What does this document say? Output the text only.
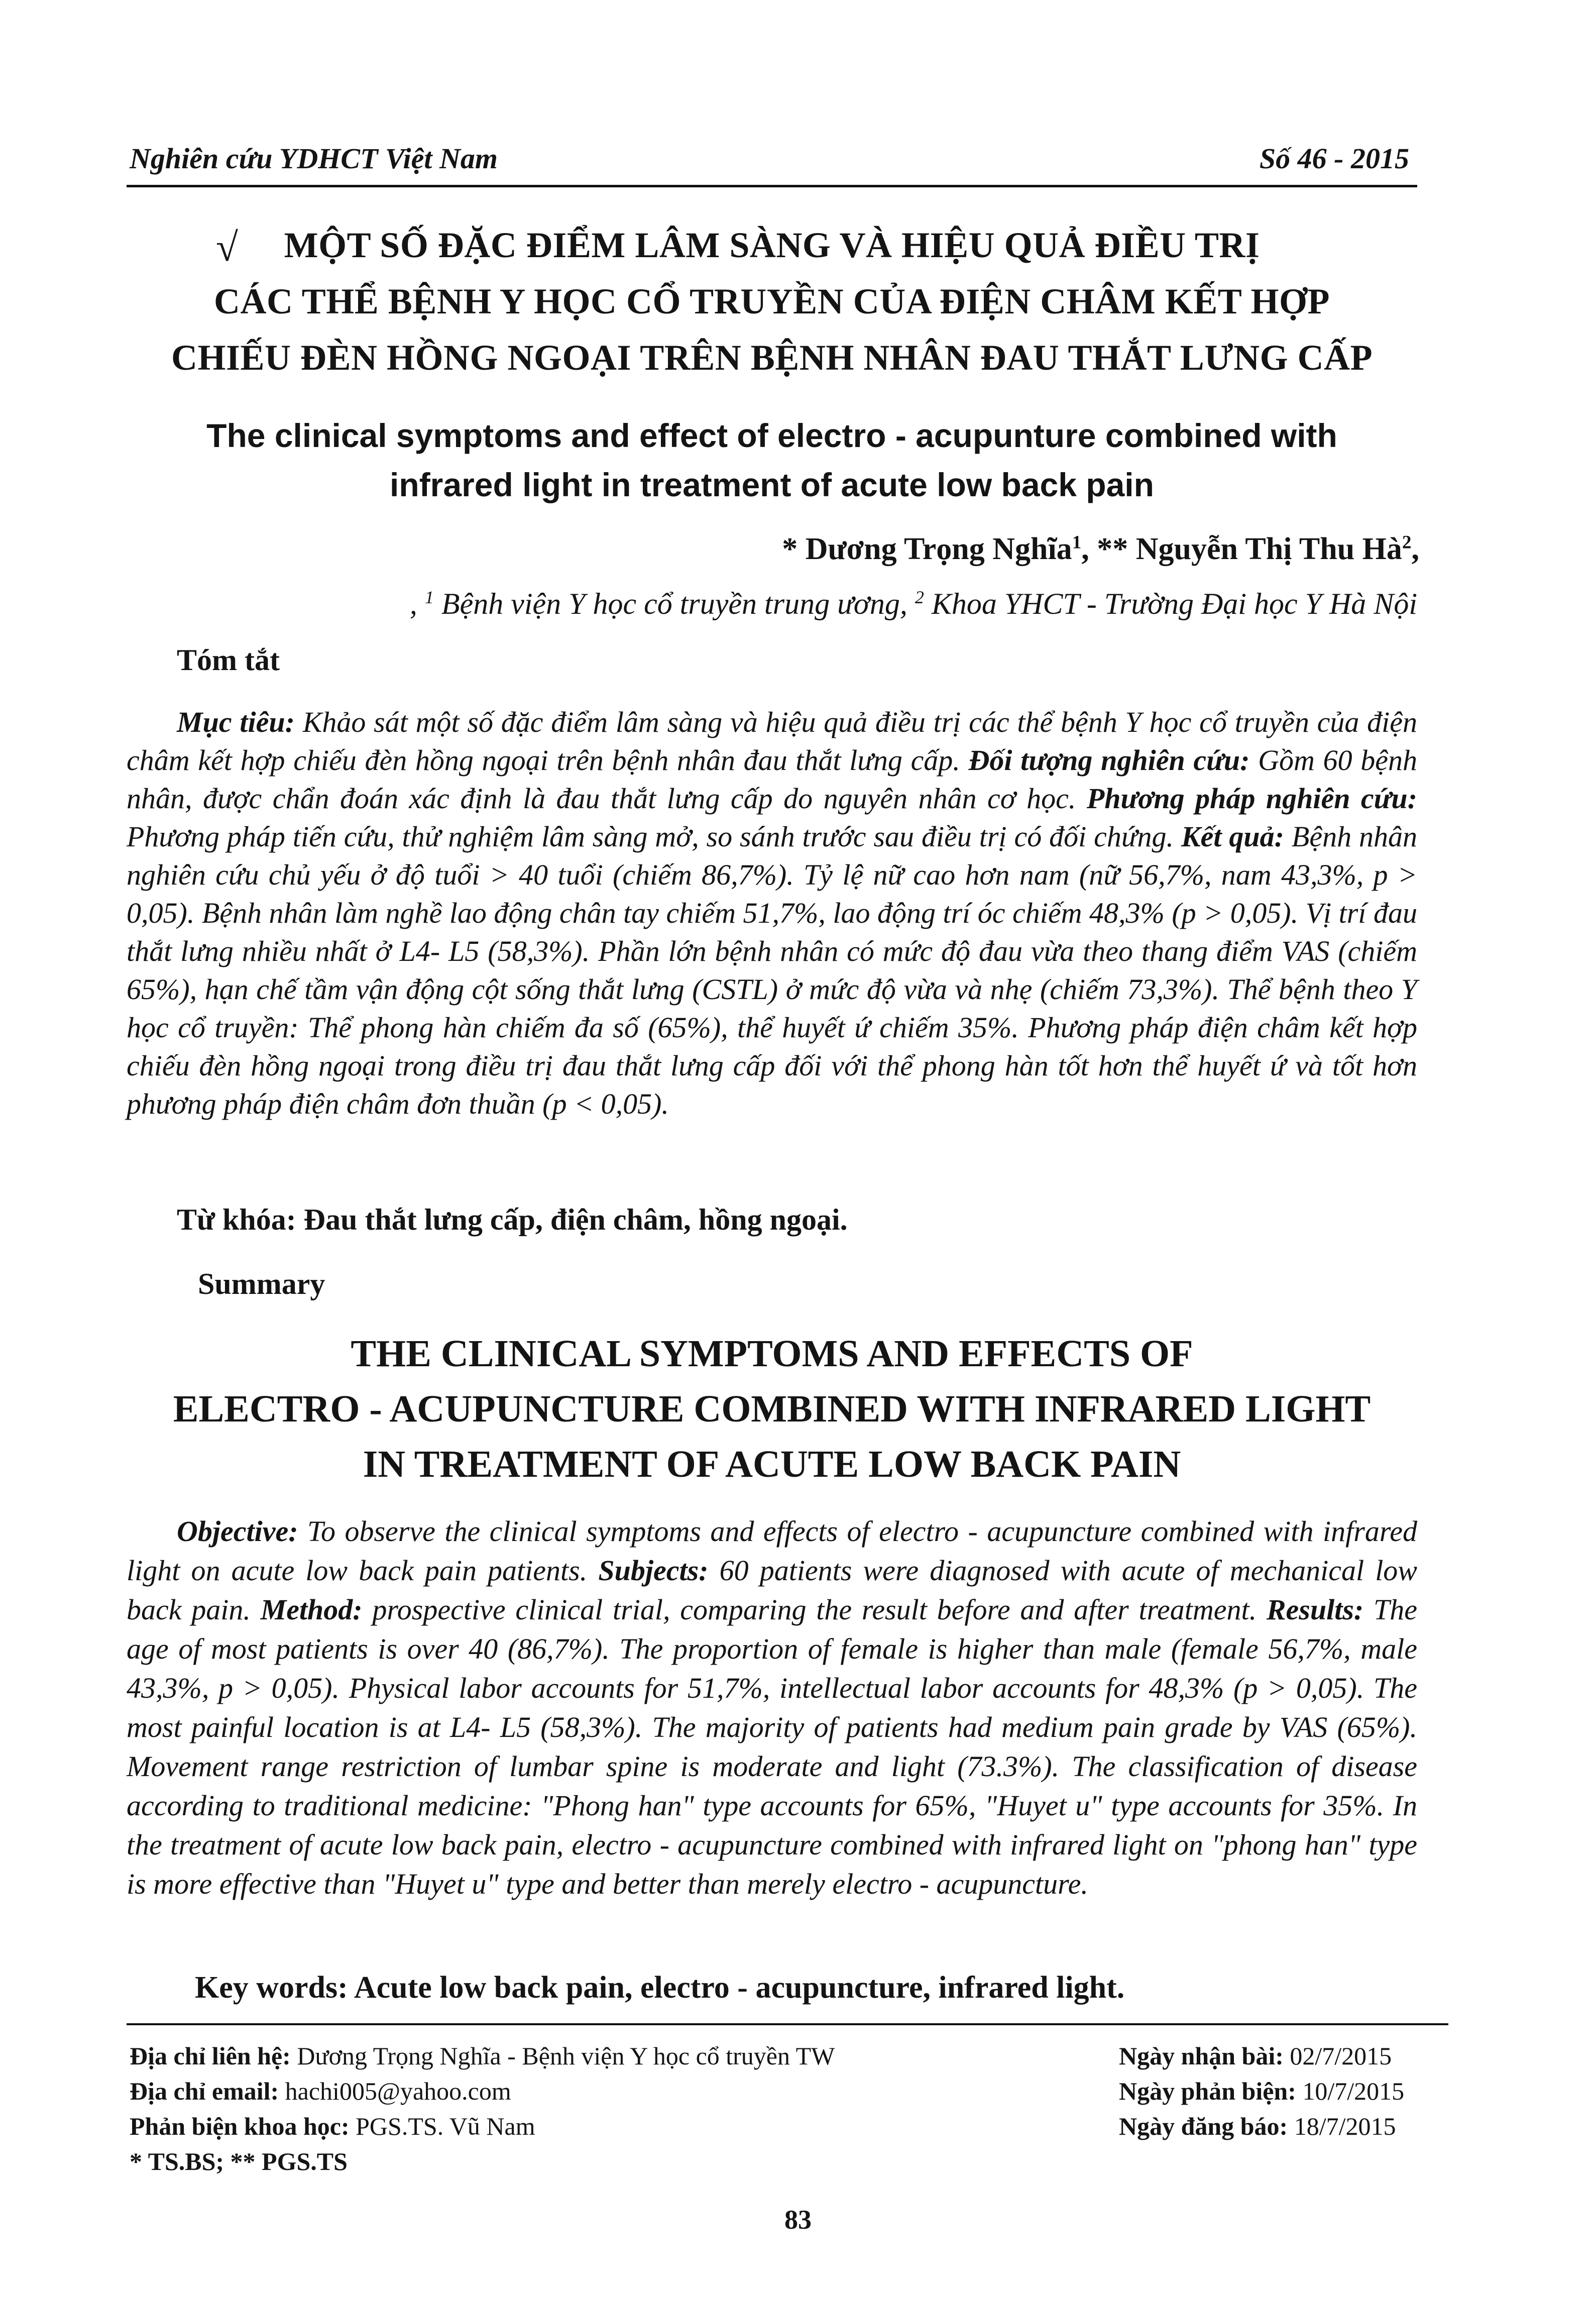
Nghiên cứu YDHCT Việt Nam	Số 46 - 2015
√	MỘT SỐ ĐẶC ĐIỂM LÂM SÀNG VÀ HIỆU QUẢ ĐIỀU TRỊ
CÁC THỂ BỆNH Y HỌC CỔ TRUYỀN CỦA ĐIỆN CHÂM KẾT HỢP
CHIẾU ĐÈN HỒNG NGOẠI TRÊN BỆNH NHÂN ĐAU THẮT LƯNG CẤP
The clinical symptoms and effect of electro - acupunture combined with
infrared light in treatment of acute low back pain
* Dương Trọng Nghĩa$^1$, ** Nguyễn Thị Thu $Hà^2$,
, $^1$ Bệnh viện Y học cổ truyền trung ương, $^2$ Khoa YHCT - Trường Đại học Y Hà Nội
Tóm tắt
Mục tiêu: Khảo sát một số đặc điểm lâm sàng và hiệu quả điều trị các thể bệnh Y học cổ truyền của điện châm kết hợp chiếu đèn hồng ngoại trên bệnh nhân đau thắt lưng cấp. Đối tượng nghiên cứu: Gồm 60 bệnh nhân, được chẩn đoán xác định là đau thắt lưng cấp do nguyên nhân cơ học. Phương pháp nghiên cứu: Phương pháp tiến cứu, thử nghiệm lâm sàng mở, so sánh trước sau điều trị có đối chứng. Kết quả: Bệnh nhân nghiên cứu chủ yếu ở độ tuổi > 40 tuổi (chiếm 86,7%). Tỷ lệ nữ cao hơn nam (nữ 56,7%, nam 43,3%, p > 0,05). Bệnh nhân làm nghề lao động chân tay chiếm 51,7%, lao động trí óc chiếm 48,3% (p > 0,05). Vị trí đau thắt lưng nhiều nhất ở L4- L5 (58,3%). Phần lớn bệnh nhân có mức độ đau vừa theo thang điểm VAS (chiếm 65%), hạn chế tầm vận động cột sống thắt lưng (CSTL) ở mức độ vừa và nhẹ (chiếm 73,3%). Thể bệnh theo Y học cổ truyền: Thể phong hàn chiếm đa số (65%), thể huyết ứ chiếm 35%. Phương pháp điện châm kết hợp chiếu đèn hồng ngoại trong điều trị đau thắt lưng cấp đối với thể phong hàn tốt hơn thể huyết ứ và tốt hơn phương pháp điện châm đơn thuần (p < 0,05).
Từ khóa: Đau thắt lưng cấp, điện châm, hồng ngoại.
Summary
THE CLINICAL SYMPTOMS AND EFFECTS OF
ELECTRO - ACUPUNCTURE COMBINED WITH INFRARED LIGHT
IN TREATMENT OF ACUTE LOW BACK PAIN
Objective: To observe the clinical symptoms and effects of electro - acupuncture combined with infrared light on acute low back pain patients. Subjects: 60 patients were diagnosed with acute of mechanical low back pain. Method: prospective clinical trial, comparing the result before and after treatment. Results: The age of most patients is over 40 (86,7%). The proportion of female is higher than male (female 56,7%, male 43,3%, p > 0,05). Physical labor accounts for 51,7%, intellectual labor accounts for 48,3% (p > 0,05). The most painful location is at L4- L5 (58,3%). The majority of patients had medium pain grade by VAS (65%). Movement range restriction of lumbar spine is moderate and light (73.3%). The classification of disease according to traditional medicine: "Phong han" type accounts for 65%, "Huyet u" type accounts for 35%. In the treatment of acute low back pain, electro - acupuncture combined with infrared light on "phong han" type is more effective than "Huyet u" type and better than merely electro - acupuncture.
Key words: Acute low back pain, electro - acupuncture, infrared light.
Địa chỉ liên hệ: Dương Trọng Nghĩa - Bệnh viện Y học cổ truyền TW
Địa chỉ email: hachi005@yahoo.com
Phản biện khoa học: PGS.TS. Vũ Nam
* TS.BS; ** PGS.TS
Ngày nhận bài: 02/7/2015
Ngày phản biện: 10/7/2015
Ngày đăng báo: 18/7/2015
83
